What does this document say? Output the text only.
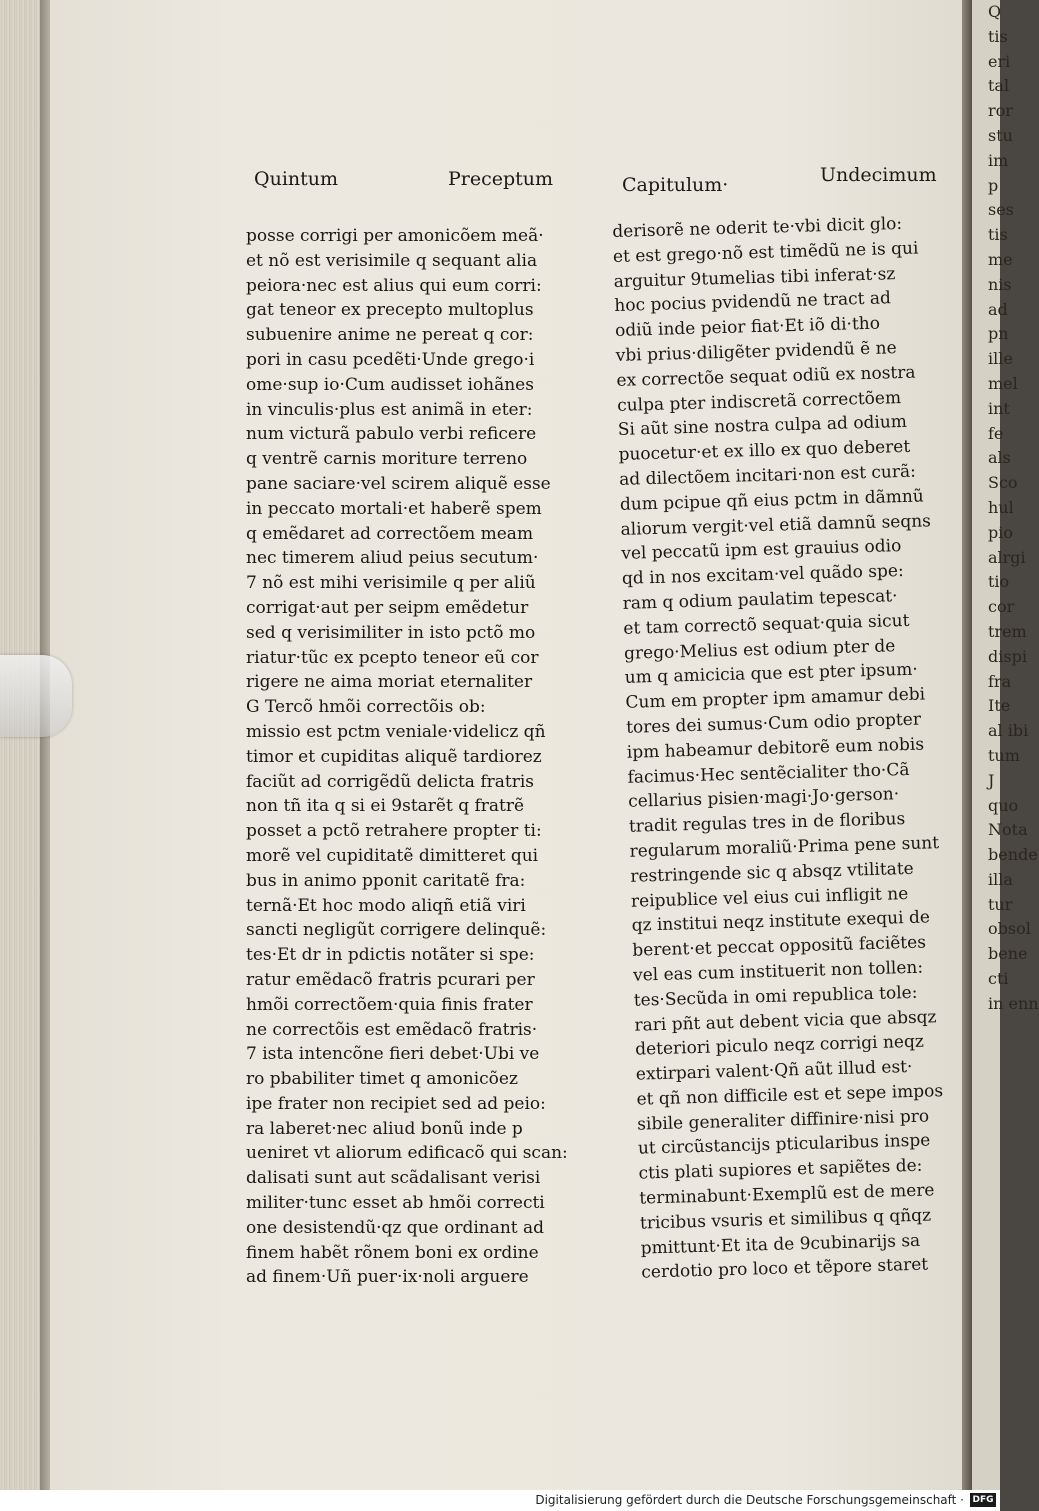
Quintum	Preceptum	Capitulum·	Undecimum
posse corrigi per amonicõem meã·
et nõ est verisimile q sequant alia
peiora·nec est alius qui eum corri:
gat teneor ex precepto multoplus
subuenire anime ne pereat q cor:
pori in casu pcedẽti·Unde grego·i
ome·sup io·Cum audisset iohãnes
in vinculis·plus est animã in eter:
num victurã pabulo verbi reficere
q ventrẽ carnis moriture terreno
pane saciare·vel scirem aliquẽ esse
in peccato mortali·et haberẽ spem
q emẽdaret ad correctõem meam
nec timerem aliud peius secutum·
7 nõ est mihi verisimile q per aliũ
corrigat·aut per seipm emẽdetur
sed q verisimiliter in isto pctõ mo
riatur·tũc ex pcepto teneor eũ cor
rigere ne aima moriat eternaliter
G Tercõ hmõi correctõis ob:
missio est pctm veniale·videlicz qñ
timor et cupiditas aliquẽ tardiorez
faciũt ad corrigẽdũ delicta fratris
non tñ ita q si ei 9starẽt q fratrẽ
posset a pctõ retrahere propter ti:
morẽ vel cupiditatẽ dimitteret qui
bus in animo pponit caritatẽ fra:
ternã·Et hoc modo aliqñ etiã viri
sancti negligũt corrigere delinquẽ:
tes·Et dr in pdictis notãter si spe:
ratur emẽdacõ fratris pcurari per
hmõi correctõem·quia finis frater
ne correctõis est emẽdacõ fratris·
7 ista intencõne fieri debet·Ubi ve
ro pbabiliter timet q amonicõez
ipe frater non recipiet sed ad peio:
ra laberet·nec aliud bonũ inde p
ueniret vt aliorum edificacõ qui scan:
dalisati sunt aut scãdalisant verisi
militer·tunc esset ab hmõi correcti
one desistendũ·qz que ordinant ad
finem habẽt rõnem boni ex ordine
ad finem·Uñ puer·ix·noli arguere
derisorẽ ne oderit te·vbi dicit glo:
et est grego·nõ est timẽdũ ne is qui
arguitur 9tumelias tibi inferat·sz
hoc pocius pvidendũ ne tract ad
odiũ inde peior fiat·Et iõ di·tho
vbi prius·diligẽter pvidendũ ẽ ne
ex correctõe sequat odiũ ex nostra
culpa pter indiscretã correctõem
Si aũt sine nostra culpa ad odium
puocetur·et ex illo ex quo deberet
ad dilectõem incitari·non est curã:
dum pcipue qñ eius pctm in dãmnũ
aliorum vergit·vel etiã damnũ seqns
vel peccatũ ipm est grauius odio
qd in nos excitam·vel quãdo spe:
ram q odium paulatim tepescat·
et tam correctõ sequat·quia sicut
grego·Melius est odium pter de
um q amicicia que est pter ipsum·
Cum em propter ipm amamur debi
tores dei sumus·Cum odio propter
ipm habeamur debitorẽ eum nobis
facimus·Hec sentẽcialiter tho·Cã
cellarius pisien·magi·Jo·gerson·
tradit regulas tres in de floribus
regularum moraliũ·Prima pene sunt
restringende sic q absqz vtilitate
reipublice vel eius cui infligit ne
qz institui neqz institute exequi de
berent·et peccat oppositũ faciẽtes
vel eas cum instituerit non tollen:
tes·Secũda in omi republica tole:
rari pñt aut debent vicia que absqz
deteriori piculo neqz corrigi neqz
extirpari valent·Qñ aũt illud est·
et qñ non difficile est et sepe impos
sibile generaliter diffinire·nisi pro
ut circũstancijs pticularibus inspe
ctis plati supiores et sapiẽtes de:
terminabunt·Exemplũ est de mere
tricibus vsuris et similibus q qñqz
pmittunt·Et ita de 9cubinarijs sa
cerdotio pro loco et tẽpore staret
Q
tis
eri
tal
ror
stu
im
p
ses
tis
me
nis
ad
pn
ille
mel
int
fe
als
Sco
hul
pio
alrgi
tio
cor
trem
dispi
fra
Ite
al ibi
tum
J
quo
Nota
bende
illa
tur
obsol
bene
cti
in enn
Digitalisierung gefördert durch die Deutsche Forschungsgemeinschaft · DFG
